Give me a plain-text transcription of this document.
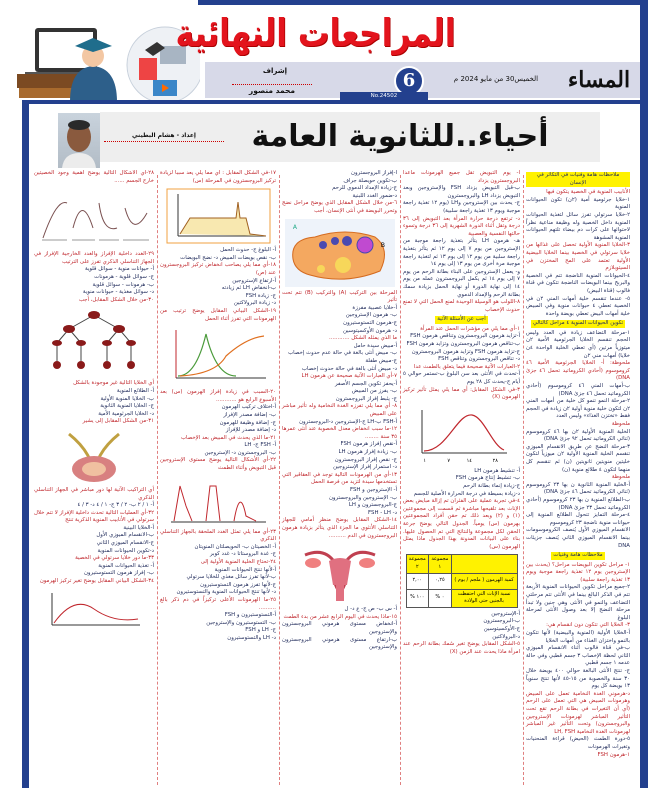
المراجعات النهائية
المساء
الخميس30 من مايو 2024 م
6
No.24502
إشراف
محمد منصور
أحياء..للثانوية العامة
إعداد - هشام البطيني

ملاحظات هامة وفنيات في التكاثر في الإنسان

الأنابيب المنوية في الخصية يتكون فيها

١-خلايا جرثومية أمية (٢ن) تكون الحيوانات المنوية

٢-خلايا سرتولي تفرز سائل لتغذية الحيوانات المنوية داخل الخصية وله وظيفة مناعية نظراً لاحتوائها على كرات دم بيضاء تلتهم الحيوانات المنوية المشوهة

٣-الخلايا المنوية الأولية تحصل على غذائها من خلايا سرتولي في الخصية بينما الخلايا البيضية الأولية تعتمد على المح المختزن في السيتوبلازم

٤-الحيوانات المنوية الناضجة تتم في الخصية والبربخ بينما البويضات الناضجة تتكون في قناة فالوب (قناة البيض)

٥- عندما تنقسم خلية أمهات المني ٢ن في الخصية تعطي ٤ حيوانات منوية وفي المبيض خلية أمهات البيض تعطي بويضة واحدة

تكوين الحيوانات المنوية ٤ مراحل كالتالي

١-مرحلة التضاعف زيادة في العدد وليس الحجم تنقسم الخلايا الجرثومية الأمية ٢ن ميتوزياً مرتين (أي تعطي الخلية الواحدة ٤ن خلايا) أمهات مني ٢ن

ملحوظة: أ- الخلايا الجرثومية الأمية ٤٦ كروموسوم (أحادي الكروماتيد تحمل ٤٦ جزئ DNA)

ب-أمهات المني ٤٦ كروموسوم (أحادي الكروماتيد تحمل ٤٦ جزئ DNA)

٢-مرحلة النمو تنمو كل خلية من أمهات المني ٢ن لتكون خلية منوية أولية ٢ن زيادة في الحجم فقط «تختزن الغذاء» وليس العدد

ملحوظة

الخلية المنوية الأولية ٢ن بها ٤٦ كروموسوم (ثنائي الكروماتيد تحمل ٩٢ جزئ DNA)

٣-مرحلة النضج عن طريق الانقسام الميوزي تنقسم الخلية المنوية الأولية ٢ن ميوزياً لتكون خليتين منويتين ثانويتين (ن) ثم تنقسم كل منهما لتكون ٤ طلائع منوية (ن)

ملحوظة

أ-الخلية المنوية الثانوية ن بها ٢٣ كروموسوم (ثنائي الكروماتيد تحمل ٤٦ جزئ DNA)

ب-الطلائع المنوية ن بها ٢٣ كروموسوم (أحادي الكروماتيد تحمل ٢٣ جزئ DNA)

٤-مرحلة التمايز تتحول الطلائع المنوية إلى حيوانات منوية ناضجة ٢٣ كروموسوم

الانقسام الميوزي الأول يُنصف الكروموسومات بينما الانقسام الميوزي الثاني يُنصف جزيئات DNA

ملاحظات هامة وفنيات

١- مراحل تكوين البويضات مراحل؟ (يحدث بين الإستروجين يوم ١٢ تغذية راجعة موجبة ويوم ١٣ تغذية راجعة سلبية)

٢-جميع مراحل تكوين الحيوانات المنوية الأربعة تتم في الذكر البالغ بينما في الأنثى تتم مرحلتي التضاعف والنمو في الأنثى وهي جنين ولا تبدأ مرحلة النضج إلا بعد وصول الأنثى لمرحلة البلوغ

٣- الخلايا التي تتكون دون انقسام هي:

أ-الخلايا الأولية (المنوية والبيضية) لأنها تتكون بالنمو واختزان الغذاء من أمهات الخلايا

ب-في قناة فالوب أثناء الانقسام الميوزي الثاني لحظة الإخصاب ٣ جسم قطبي وفي حالة عدمه ١ جسم قطبي

ج- تنتج الأنثى البالغة حوالي ٤٠٠ بويضة خلال ٣٠ سنة والخصوبة من ١٥-٤٥ لأنها تنتج سنوياً ١٣ بويضة كل يوم

د-هرموني الغدة النخامية تعمل على المبيض وهرمونات المبيض هي التي تعمل على الرحم (أي أن التغيرات في بطانة الرحم تقع تحت التأثير المباشر لهرمونات الإستروجين والبروجسترون) وتحت التأثير غير المباشر لهرمونات الغدة النخامية LH, FSH

٥-دورة الطمث (الحيض) قراءة المنحنيات وتغيرات الهرمونات

١-هرمون FSH

أ- يوم التبويض تقل جميع الهرمونات ماعدا البروجسترون يزداد

ب-قبل التبويض يزداد FSH والإستروجين وبعد التبويض يزداد LH والبروجسترون

ج- يحدث بين الإستروجين وLH (يوم ١٢ تغذية راجعة موجبة ويوم ١٣ تغذية راجعة سلبية)

د- ترتفع درجة حرارة المرأة بعد التبويض إلى ٣٦ درجة وتقل أثناء الدورة الشهرية إلى ٣٦ درجة وتسوء حالتها النفسية والعصبية

هـ- هرمون LH يتأثر بتغذية راجعة موجبة من الإستروجين من يوم ٧ إلى يوم ١٢ ثم يتأثر بتغذية راجعة سلبية من يوم ١٢ إلى يوم ١٣ ثم لتغذية راجعة موجبة مرة أخرى من يوم ١٣ إلى يوم ١٤

و- يعمل الإستروجين على البناء بطانة الرحم من يوم ٧ إلى يوم ١٤ ثم يكمل البروجسترون عمله من يوم ١٤ إلى نهاية الدورة أو نهاية الحمل بزيادة سمك بطانة الرحم والإمداد الدموي

٨-اللولب هو الوسيلة الوحيدة لمنع الحمل التي لا تمنع حدوث الإخصاب

أجب عن الأسئلة الآتية

١-أي مما يلي من مؤشرات الحمل عند المرأة

أ-تزايد هرمون البروجسترون وتناقص هرمون FSH

ب-تناقص هرمون البروجسترون وتزايد هرمون FSH

ج-تزايد هرمون FSH وتزايد هرمون البروجسترون

د- تناقص البروجسترون وتناقص FSH

٢-العبارات الآتية صحيحة فيما يتعلق بالطمث عدا

أ-تحدث في الأنثى بعد سن البلوغ ب-تستمر حوالي ٥ أيام ج-يحدث كل ٢٨ يوم

٣-في الشكل المقابل: أي مما يلي يمثل تأثير تركيز الهرمون (X)

١	٧	١٤	٢٨

أ- تنشيط هرمون LH

ب- تنشيط إنتاج هرمون FSH

ج-زيادة إنماء بطانة الرحم

د-زيادة بسيطة في درجة الحرارة الأصلية للجسم

٤-في تجربة عملية على الفئران تم إزالة مبايض بعض الإناث بعد تلقيحها مباشرة ثم قسمت إلى مجموعتين (١) و (٢) وبعد ذلك تم حقن أفراد المجموعتين بهرمون (س) يومياً. الجدول التالي يوضح جرعة الحقن لكل مجموعة والنتائج التي تم الحصول عليها. بناء على البيانات المدونة بهذا الجدول ماذا يمثل الهرمون (س)

	مجموعة ١	مجموعة ٢
كمية الهرمون ( ملجم / يوم )	٠,٢٥	٢,٠٠
نسبة الإناث التي احتفظت بالجنين حتى الولادة	٠ %	١٠٠ %

أ-الإستروجين

ب-البروجسترون

ج-الأوكسيتوسين

د-البرولاكتين

٥-الشكل المقابل يوضح تغير سُمك بطانة الرحم عند امرأة ماذا يحدث عند الزمن (X)

أ-إفراز البروجسترون

ب-تكوين حويصلة جراف

ج-زيادة الإمداد الدموي للرحم

د-ضمور الغدد اللبنية

٦-من خلال الشكل المقابل الذي يوضح مراحل نضج وتحرر البويضة في أنثى الإنسان، أجب

A
B

المرحلة بين التركيب (A) والتركيب (B) تتم تحت تأثير

أ-خلايا عصبية مفرزة

ب- هرمون الإستروجين

ج-هرمون التستوستيرون

د- هرمون الأوكسيتوسين

ما الذي يمثله الشكل ............

أ-مبيض سيدة حامل

ب- مبيض أنثى بالغة في حالة عدم حدوث إخصاب

ج-مبيض طفلة

د- مبيض أنثى بالغة في حالة حدوث إخصاب

٧-أي العبارات الآتية صحيحة عن هرمون LH

أ-يحفز تكوين الجسم الأصفر

ب- يفرز من المبيض

ج- يثبط إفراز البروجسترون

٨- أي مما يلي تفرزه الغدة النخامية وله تأثير مباشر على المبيض

أ-FSH ب-LH ج-الإستروجين د-البروجسترون

١٢-ما سبب انخفاض معدل الخصوبة عند أنثى عمرها ٣٥ سنة ........

أ-نقص إفراز هرمون FSH

ب- زيادة إفراز هرمون LH

ج- نقص إفراز البروجسترون

د- استمرار إفراز الإستروجين

١٣-أي من الهرمونات التالية توجد في العقاقير التي تستخدمها سيدة لتزيد من فرصة الحمل

أ- الإستروجين و FSH

ب- الإستروجين والبروجسترون

ج-البروجسترون و LH

د- FSH - LH

١٤-الشكل المقابل يوضح منظر أمامي للجهاز التناسلي الأنثوي ما الجزء الذي يتأثر بزيادة هرمون البروجسترون في الدم ..........

أ- س ب- ص ج- ع د- ل

١٥-ماذا يحدث في اليوم الرابع عشر من بدء الطمث

أ-انخفاض مستوى هرموني البروجسترون والإستروجين

ب-ارتفاع مستوى هرموني البروجسترون والإستروجين

١٧-في الشكل المقابل : أي مما يلي يعد سبباً لزيادة تركيز البروجسترون في المرحلة (س)

أ- البلوغ ج- حدوث الحمل

ب- نقص بويضات المبيض د- نضج البويضات

١٨-أي مما يلي يصاحب انخفاض تركيز البروجسترون عند (ص)

أ-ارتفاع الإستروجين

ب-انخفاض LH ثم زيادته

ج- زيادة FSH

د- زيادة البرولاكتين

١٩-الشكل البياني المقابل يوضح ترتيب من الهرمونات التي تفرز أثناء الحمل

٢٠-السبب في زيادة إفراز الهرمون (س) بعد الأسبوع الرابع هو ............

أ-اختلاف تركيب الهرمون

ب- إضافة مصدر الإفراز

ج- إضافة وظيفة للهرمون

د- إضافة مصدر للإفراز

٢١-ما الذي يحدث في المبيض بعد الإخصاب

أ- FSH ج- LH

ب- البروجسترون د- الإستروجين

٢٢-أي الأشكال التالية يوضح مستوى الإستروجين قبل التبويض وأثناء الطمث

٢٣-أي مما يلي تمثل الغدد الملحقة بالجهاز التناسلي الذكري

أ- الخصيتان ب- الحويصلتان المنويتان

ج- غدة البروستاتا د- غدد كوبر

٢٤-تحتاج الخلية المنوية الأولية إلى

أ-لأنها تنتج الحيوانات المنوية

ب-لأنها تفرز سائل مغذي للخلايا سرتولي

ج-لأنها تفرز هرمون التستوستيرون

د- لأنها تنتج الحيوانات المنوية والتستوستيرون

٢٥-ما الهرمونات الأعلى تركيزاً في دم ذكر بالغ ..........

أ-التستوستيرون و FSH

ب- التستوستيرون والإستروجين

ج- LH و FSH

د- LH والتستوستيرون

٢٨-أي الأشكال التالية يوضح أهمية وجود الخصيتين خارج الجسم ......

٢٩-الغدد داخلية الإفراز والغدد الخارجية الإفراز في الجهاز التناسلي الذكري تفرز على الترتيب

أ- حيوانات منوية - سوائل قلوية

ج- سوائل قلوية - هرمونات

ب- هرمونات - سوائل قلوية

د- سوائل مغذية - حيوانات منوية

٣٠-من خلال الشكل المقابل، أجب

أي الخلايا التالية غير موجودة بالشكل

أ- الطلائع المنوية

ب- الخلايا المنوية الأولية

ج- الخلايا المنوية الثانوية

د- الخلايا الجرثومية الأمية

٣١-من الشكل المقابل إلى يشير

أي التراكيب الآتية لها دور مباشر في الجهاز التناسلي الذكري

أ- ١ / ٢ ب- ٢ / ٣ ج- ١ / ٤ د- ٣ / ٤

٣٢-أي العمليات التالية تحدث داخلية الإفراز لا تتم خلال سرتولي في الأنابيب المنوية الذكرية تنتج

أ-الخلايا البينية

ب-الانقسام الميوزي الأول

ج-الانقسام الميوزي الثاني

د-تكوين الحيوانات المنوية

٣٣-ما دور خلايا سرتولي في الخصية

أ- تغذية الحيوانات المنوية

ب- إفراز هرمون التستوستيرون

٣٤-الشكل البياني المقابل يوضح تغير تركيز الهرمون
